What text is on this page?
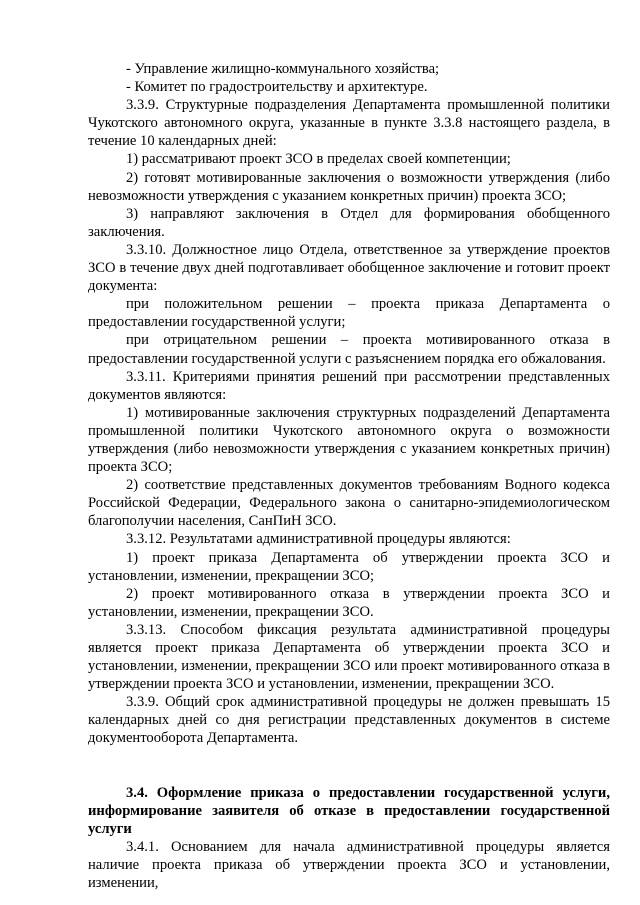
- Управление жилищно-коммунального хозяйства;

- Комитет по градостроительству и архитектуре.

3.3.9. Структурные подразделения Департамента промышленной политики Чукотского автономного округа, указанные в пункте 3.3.8 настоящего раздела, в течение 10 календарных дней:

1) рассматривают проект ЗСО в пределах своей компетенции;

2) готовят мотивированные заключения о возможности утверждения (либо невозможности утверждения с указанием конкретных причин) проекта ЗСО;

3) направляют заключения в Отдел для формирования обобщенного заключения.

3.3.10. Должностное лицо Отдела, ответственное за утверждение проектов ЗСО в течение двух дней подготавливает обобщенное заключение и готовит проект документа:

при положительном решении – проекта приказа Департамента о предоставлении государственной услуги;

при отрицательном решении – проекта мотивированного отказа в предоставлении государственной услуги с разъяснением порядка его обжалования.

3.3.11. Критериями принятия решений при рассмотрении представленных документов являются:

1) мотивированные заключения структурных подразделений Департамента промышленной политики Чукотского автономного округа о возможности утверждения (либо невозможности утверждения с указанием конкретных причин) проекта ЗСО;

2) соответствие представленных документов требованиям Водного кодекса Российской Федерации, Федерального закона о санитарно-эпидемиологическом благополучии населения, СанПиН ЗСО.

3.3.12. Результатами административной процедуры являются:

1) проект приказа Департамента об утверждении проекта ЗСО и установлении, изменении, прекращении ЗСО;

2) проект мотивированного отказа в утверждении проекта ЗСО и установлении, изменении, прекращении ЗСО.

3.3.13. Способом фиксация результата административной процедуры является проект приказа Департамента об утверждении проекта ЗСО и установлении, изменении, прекращении ЗСО или проект мотивированного отказа в утверждении проекта ЗСО и установлении, изменении, прекращении ЗСО.

3.3.9. Общий срок административной процедуры не должен превышать 15 календарных дней со дня регистрации представленных документов в системе документооборота Департамента.

3.4. Оформление приказа о предоставлении государственной услуги, информирование заявителя об отказе в предоставлении государственной услуги

3.4.1. Основанием для начала административной процедуры является наличие проекта приказа об утверждении проекта ЗСО и установлении, изменении,
